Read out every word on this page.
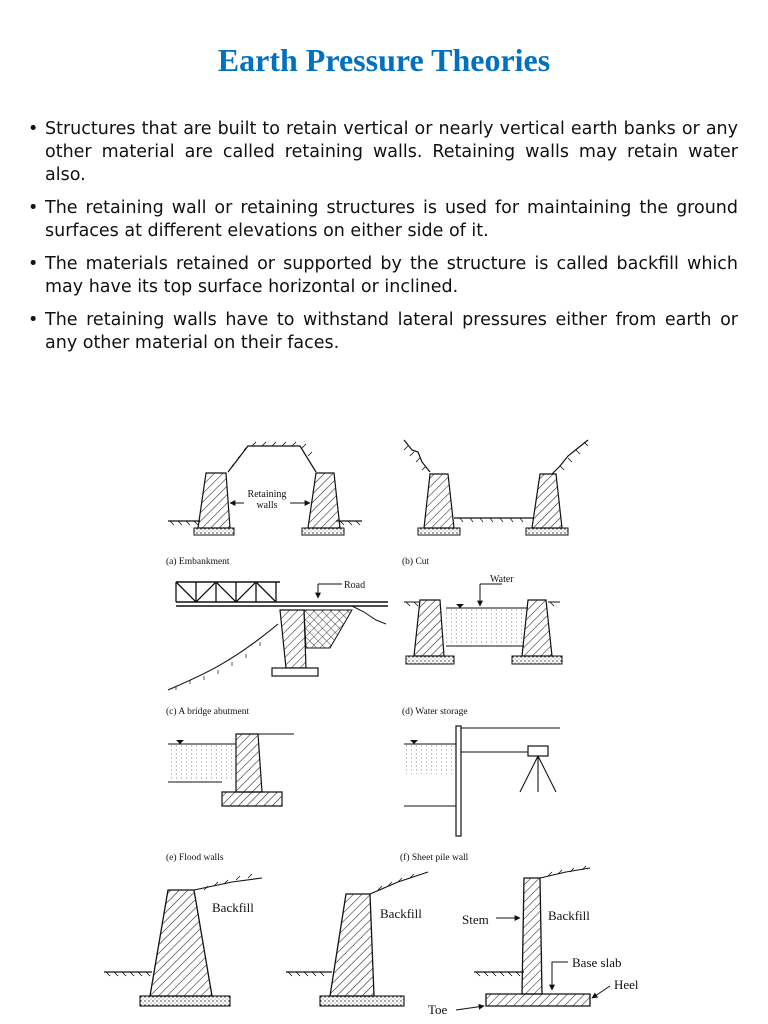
Earth Pressure Theories
• Structures that are built to retain vertical or nearly vertical earth banks or any other material are called retaining walls. Retaining walls may retain water also.
• The retaining wall or retaining structures is used for maintaining the ground surfaces at different elevations on either side of it.
• The materials retained or supported by the structure is called backfill which may have its top surface horizontal or inclined.
• The retaining walls have to withstand lateral pressures either from earth or any other material on their faces.
Retaining
walls
(a) Embankment	(b) Cut
Road
(c) A bridge abutment
Water
(d) Water storage
(e) Flood walls	(f) Sheet pile wall
Backfill	Backfill	Backfill
Stem
Base slab
Heel
Toe
